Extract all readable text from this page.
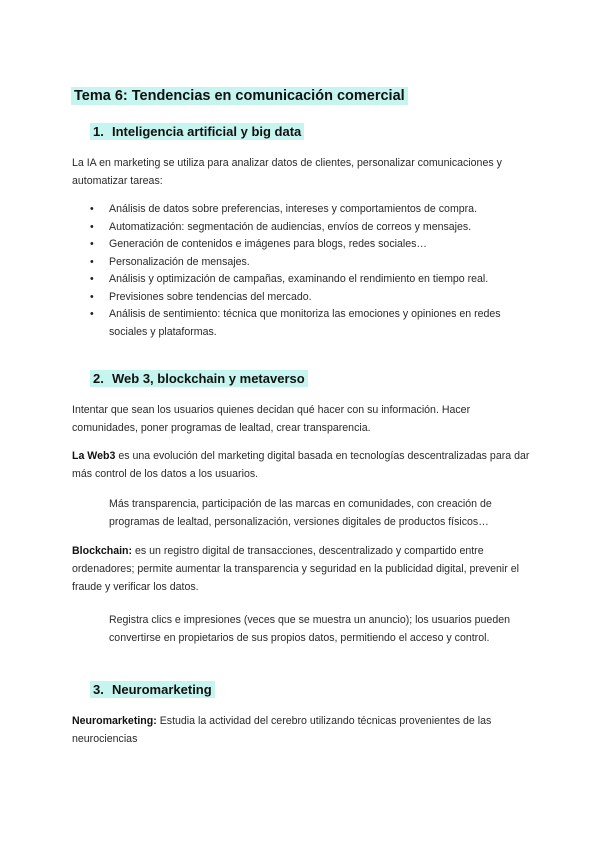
Tema 6: Tendencias en comunicación comercial
1. Inteligencia artificial y big data
La IA en marketing se utiliza para analizar datos de clientes, personalizar comunicaciones y automatizar tareas:
• Análisis de datos sobre preferencias, intereses y comportamientos de compra.
• Automatización: segmentación de audiencias, envíos de correos y mensajes.
• Generación de contenidos e imágenes para blogs, redes sociales…
• Personalización de mensajes.
• Análisis y optimización de campañas, examinando el rendimiento en tiempo real.
• Previsiones sobre tendencias del mercado.
• Análisis de sentimiento: técnica que monitoriza las emociones y opiniones en redes sociales y plataformas.
2. Web 3, blockchain y metaverso
Intentar que sean los usuarios quienes decidan qué hacer con su información. Hacer comunidades, poner programas de lealtad, crear transparencia.
La Web3 es una evolución del marketing digital basada en tecnologías descentralizadas para dar más control de los datos a los usuarios.
Más transparencia, participación de las marcas en comunidades, con creación de programas de lealtad, personalización, versiones digitales de productos físicos…
Blockchain: es un registro digital de transacciones, descentralizado y compartido entre ordenadores; permite aumentar la transparencia y seguridad en la publicidad digital, prevenir el fraude y verificar los datos.
Registra clics e impresiones (veces que se muestra un anuncio); los usuarios pueden convertirse en propietarios de sus propios datos, permitiendo el acceso y control.
3. Neuromarketing
Neuromarketing: Estudia la actividad del cerebro utilizando técnicas provenientes de las neurociencias
